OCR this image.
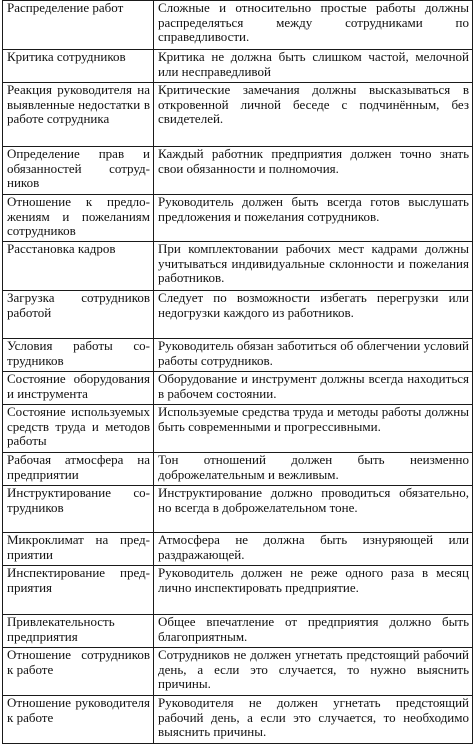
Распределение работ	Сложные и относительно простые работы должны распределяться между сотрудниками по справедливости.
Критика сотрудников	Критика не должна быть слишком частой, мелочной или несправедливой
Реакция руководителя на выявленные недостатки в работе сотрудника	Критические замечания должны высказываться в откровенной личной беседе с подчинённым, без свидетелей.
Определение прав и обязанностей сотрудников	Каждый работник предприятия должен точно знать свои обязанности и полномочия.
Отношение к предложениям и пожеланиям сотрудников	Руководитель должен быть всегда готов выслушать предложения и пожелания сотрудников.
Расстановка кадров	При комплектовании рабочих мест кадрами должны учитываться индивидуальные склонности и пожелания работников.
Загрузка сотрудников работой	Следует по возможности избегать перегрузки или недогрузки каждого из работников.
Условия работы сотрудников	Руководитель обязан заботиться об облегчении условий работы сотрудников.
Состояние оборудования и инструмента	Оборудование и инструмент должны всегда находиться в рабочем состоянии.
Состояние используемых средств труда и методов работы	Используемые средства труда и методы работы должны быть современными и прогрессивными.
Рабочая атмосфера на предприятии	Тон отношений должен быть неизменно доброжелательным и вежливым.
Инструктирование сотрудников	Инструктирование должно проводиться обязательно, но всегда в доброжелательном тоне.
Микроклимат на предприятии	Атмосфера не должна быть изнуряющей или раздражающей.
Инспектирование предприятия	Руководитель должен не реже одного раза в месяц лично инспектировать предприятие.
Привлекательность предприятия	Общее впечатление от предприятия должно быть благоприятным.
Отношение сотрудников к работе	Сотрудников не должен угнетать предстоящий рабочий день, а если это случается, то нужно выяснить причины.
Отношение руководителя к работе	Руководителя не должен угнетать предстоящий рабочий день, а если это случается, то необходимо выяснить причины.
